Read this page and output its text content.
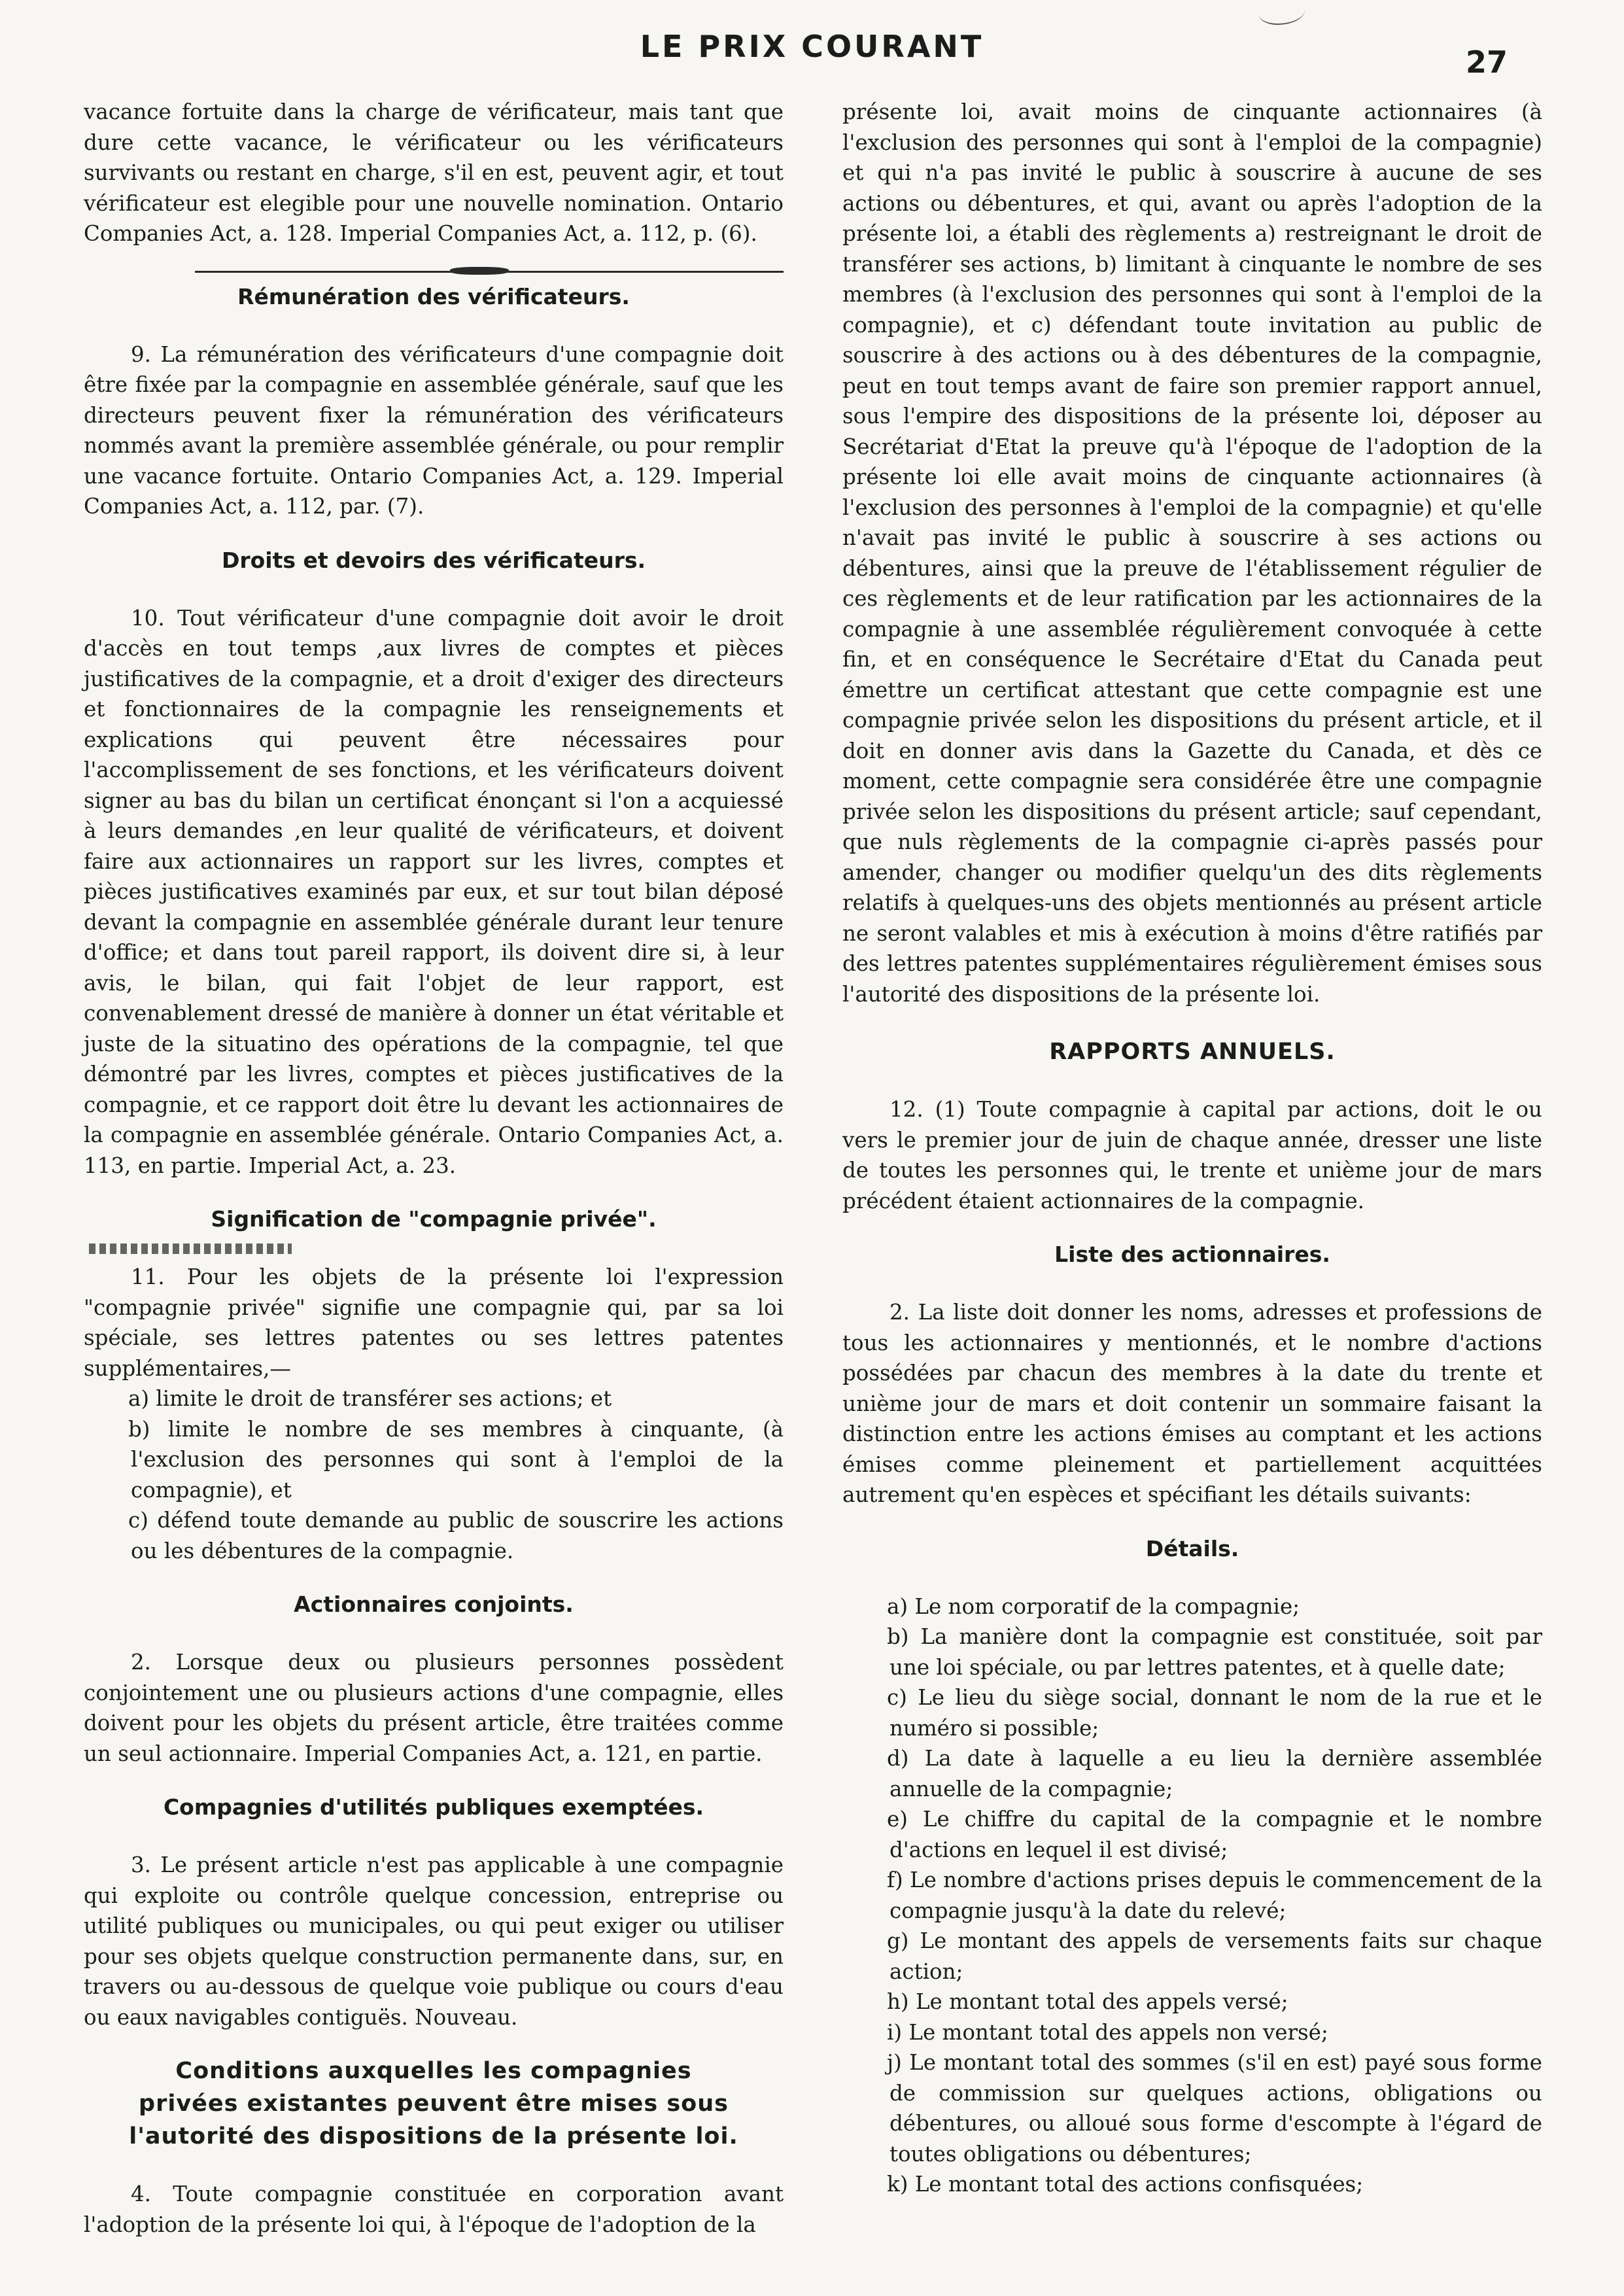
LE PRIX COURANT	27

vacance fortuite dans la charge de vérificateur, mais tant que dure cette vacance, le vérificateur ou les vérificateurs survivants ou restant en charge, s'il en est, peuvent agir, et tout vérificateur est elegible pour une nouvelle nomination. Ontario Companies Act, a. 128. Imperial Companies Act, a. 112, p. (6).

Rémunération des vérificateurs.

9. La rémunération des vérificateurs d'une compagnie doit être fixée par la compagnie en assemblée générale, sauf que les directeurs peuvent fixer la rémunération des vérificateurs nommés avant la première assemblée générale, ou pour remplir une vacance fortuite. Ontario Companies Act, a. 129. Imperial Companies Act, a. 112, par. (7).

Droits et devoirs des vérificateurs.

10. Tout vérificateur d'une compagnie doit avoir le droit d'accès en tout temps ,aux livres de comptes et pièces justificatives de la compagnie, et a droit d'exiger des directeurs et fonctionnaires de la compagnie les renseignements et explications qui peuvent être nécessaires pour l'accomplissement de ses fonctions, et les vérificateurs doivent signer au bas du bilan un certificat énonçant si l'on a acquiessé à leurs demandes ,en leur qualité de vérificateurs, et doivent faire aux actionnaires un rapport sur les livres, comptes et pièces justificatives examinés par eux, et sur tout bilan déposé devant la compagnie en assemblée générale durant leur tenure d'office; et dans tout pareil rapport, ils doivent dire si, à leur avis, le bilan, qui fait l'objet de leur rapport, est convenablement dressé de manière à donner un état véritable et juste de la situatino des opérations de la compagnie, tel que démontré par les livres, comptes et pièces justificatives de la compagnie, et ce rapport doit être lu devant les actionnaires de la compagnie en assemblée générale. Ontario Companies Act, a. 113, en partie. Imperial Act, a. 23.

Signification de "compagnie privée".

11. Pour les objets de la présente loi l'expression "compagnie privée" signifie une compagnie qui, par sa loi spéciale, ses lettres patentes ou ses lettres patentes supplémentaires,—

a) limite le droit de transférer ses actions; et

b) limite le nombre de ses membres à cinquante, (à l'exclusion des personnes qui sont à l'emploi de la compagnie), et

c) défend toute demande au public de souscrire les actions ou les débentures de la compagnie.

Actionnaires conjoints.

2. Lorsque deux ou plusieurs personnes possèdent conjointement une ou plusieurs actions d'une compagnie, elles doivent pour les objets du présent article, être traitées comme un seul actionnaire. Imperial Companies Act, a. 121, en partie.

Compagnies d'utilités publiques exemptées.

3. Le présent article n'est pas applicable à une compagnie qui exploite ou contrôle quelque concession, entreprise ou utilité publiques ou municipales, ou qui peut exiger ou utiliser pour ses objets quelque construction permanente dans, sur, en travers ou au-dessous de quelque voie publique ou cours d'eau ou eaux navigables contiguës. Nouveau.

Conditions auxquelles les compagnies privées existantes peuvent être mises sous l'autorité des dispositions de la présente loi.

4. Toute compagnie constituée en corporation avant l'adoption de la présente loi qui, à l'époque de l'adoption de la

présente loi, avait moins de cinquante actionnaires (à l'exclusion des personnes qui sont à l'emploi de la compagnie) et qui n'a pas invité le public à souscrire à aucune de ses actions ou débentures, et qui, avant ou après l'adoption de la présente loi, a établi des règlements a) restreignant le droit de transférer ses actions, b) limitant à cinquante le nombre de ses membres (à l'exclusion des personnes qui sont à l'emploi de la compagnie), et c) défendant toute invitation au public de souscrire à des actions ou à des débentures de la compagnie, peut en tout temps avant de faire son premier rapport annuel, sous l'empire des dispositions de la présente loi, déposer au Secrétariat d'Etat la preuve qu'à l'époque de l'adoption de la présente loi elle avait moins de cinquante actionnaires (à l'exclusion des personnes à l'emploi de la compagnie) et qu'elle n'avait pas invité le public à souscrire à ses actions ou débentures, ainsi que la preuve de l'établissement régulier de ces règlements et de leur ratification par les actionnaires de la compagnie à une assemblée régulièrement convoquée à cette fin, et en conséquence le Secrétaire d'Etat du Canada peut émettre un certificat attestant que cette compagnie est une compagnie privée selon les dispositions du présent article, et il doit en donner avis dans la Gazette du Canada, et dès ce moment, cette compagnie sera considérée être une compagnie privée selon les dispositions du présent article; sauf cependant, que nuls règlements de la compagnie ci-après passés pour amender, changer ou modifier quelqu'un des dits règlements relatifs à quelques-uns des objets mentionnés au présent article ne seront valables et mis à exécution à moins d'être ratifiés par des lettres patentes supplémentaires régulièrement émises sous l'autorité des dispositions de la présente loi.

RAPPORTS ANNUELS.

12. (1) Toute compagnie à capital par actions, doit le ou vers le premier jour de juin de chaque année, dresser une liste de toutes les personnes qui, le trente et unième jour de mars précédent étaient actionnaires de la compagnie.

Liste des actionnaires.

2. La liste doit donner les noms, adresses et professions de tous les actionnaires y mentionnés, et le nombre d'actions possédées par chacun des membres à la date du trente et unième jour de mars et doit contenir un sommaire faisant la distinction entre les actions émises au comptant et les actions émises comme pleinement et partiellement acquittées autrement qu'en espèces et spécifiant les détails suivants:

Détails.

a) Le nom corporatif de la compagnie;

b) La manière dont la compagnie est constituée, soit par une loi spéciale, ou par lettres patentes, et à quelle date;

c) Le lieu du siège social, donnant le nom de la rue et le numéro si possible;

d) La date à laquelle a eu lieu la dernière assemblée annuelle de la compagnie;

e) Le chiffre du capital de la compagnie et le nombre d'actions en lequel il est divisé;

f) Le nombre d'actions prises depuis le commencement de la compagnie jusqu'à la date du relevé;

g) Le montant des appels de versements faits sur chaque action;

h) Le montant total des appels versé;

i) Le montant total des appels non versé;

j) Le montant total des sommes (s'il en est) payé sous forme de commission sur quelques actions, obligations ou débentures, ou alloué sous forme d'escompte à l'égard de toutes obligations ou débentures;

k) Le montant total des actions confisquées;
